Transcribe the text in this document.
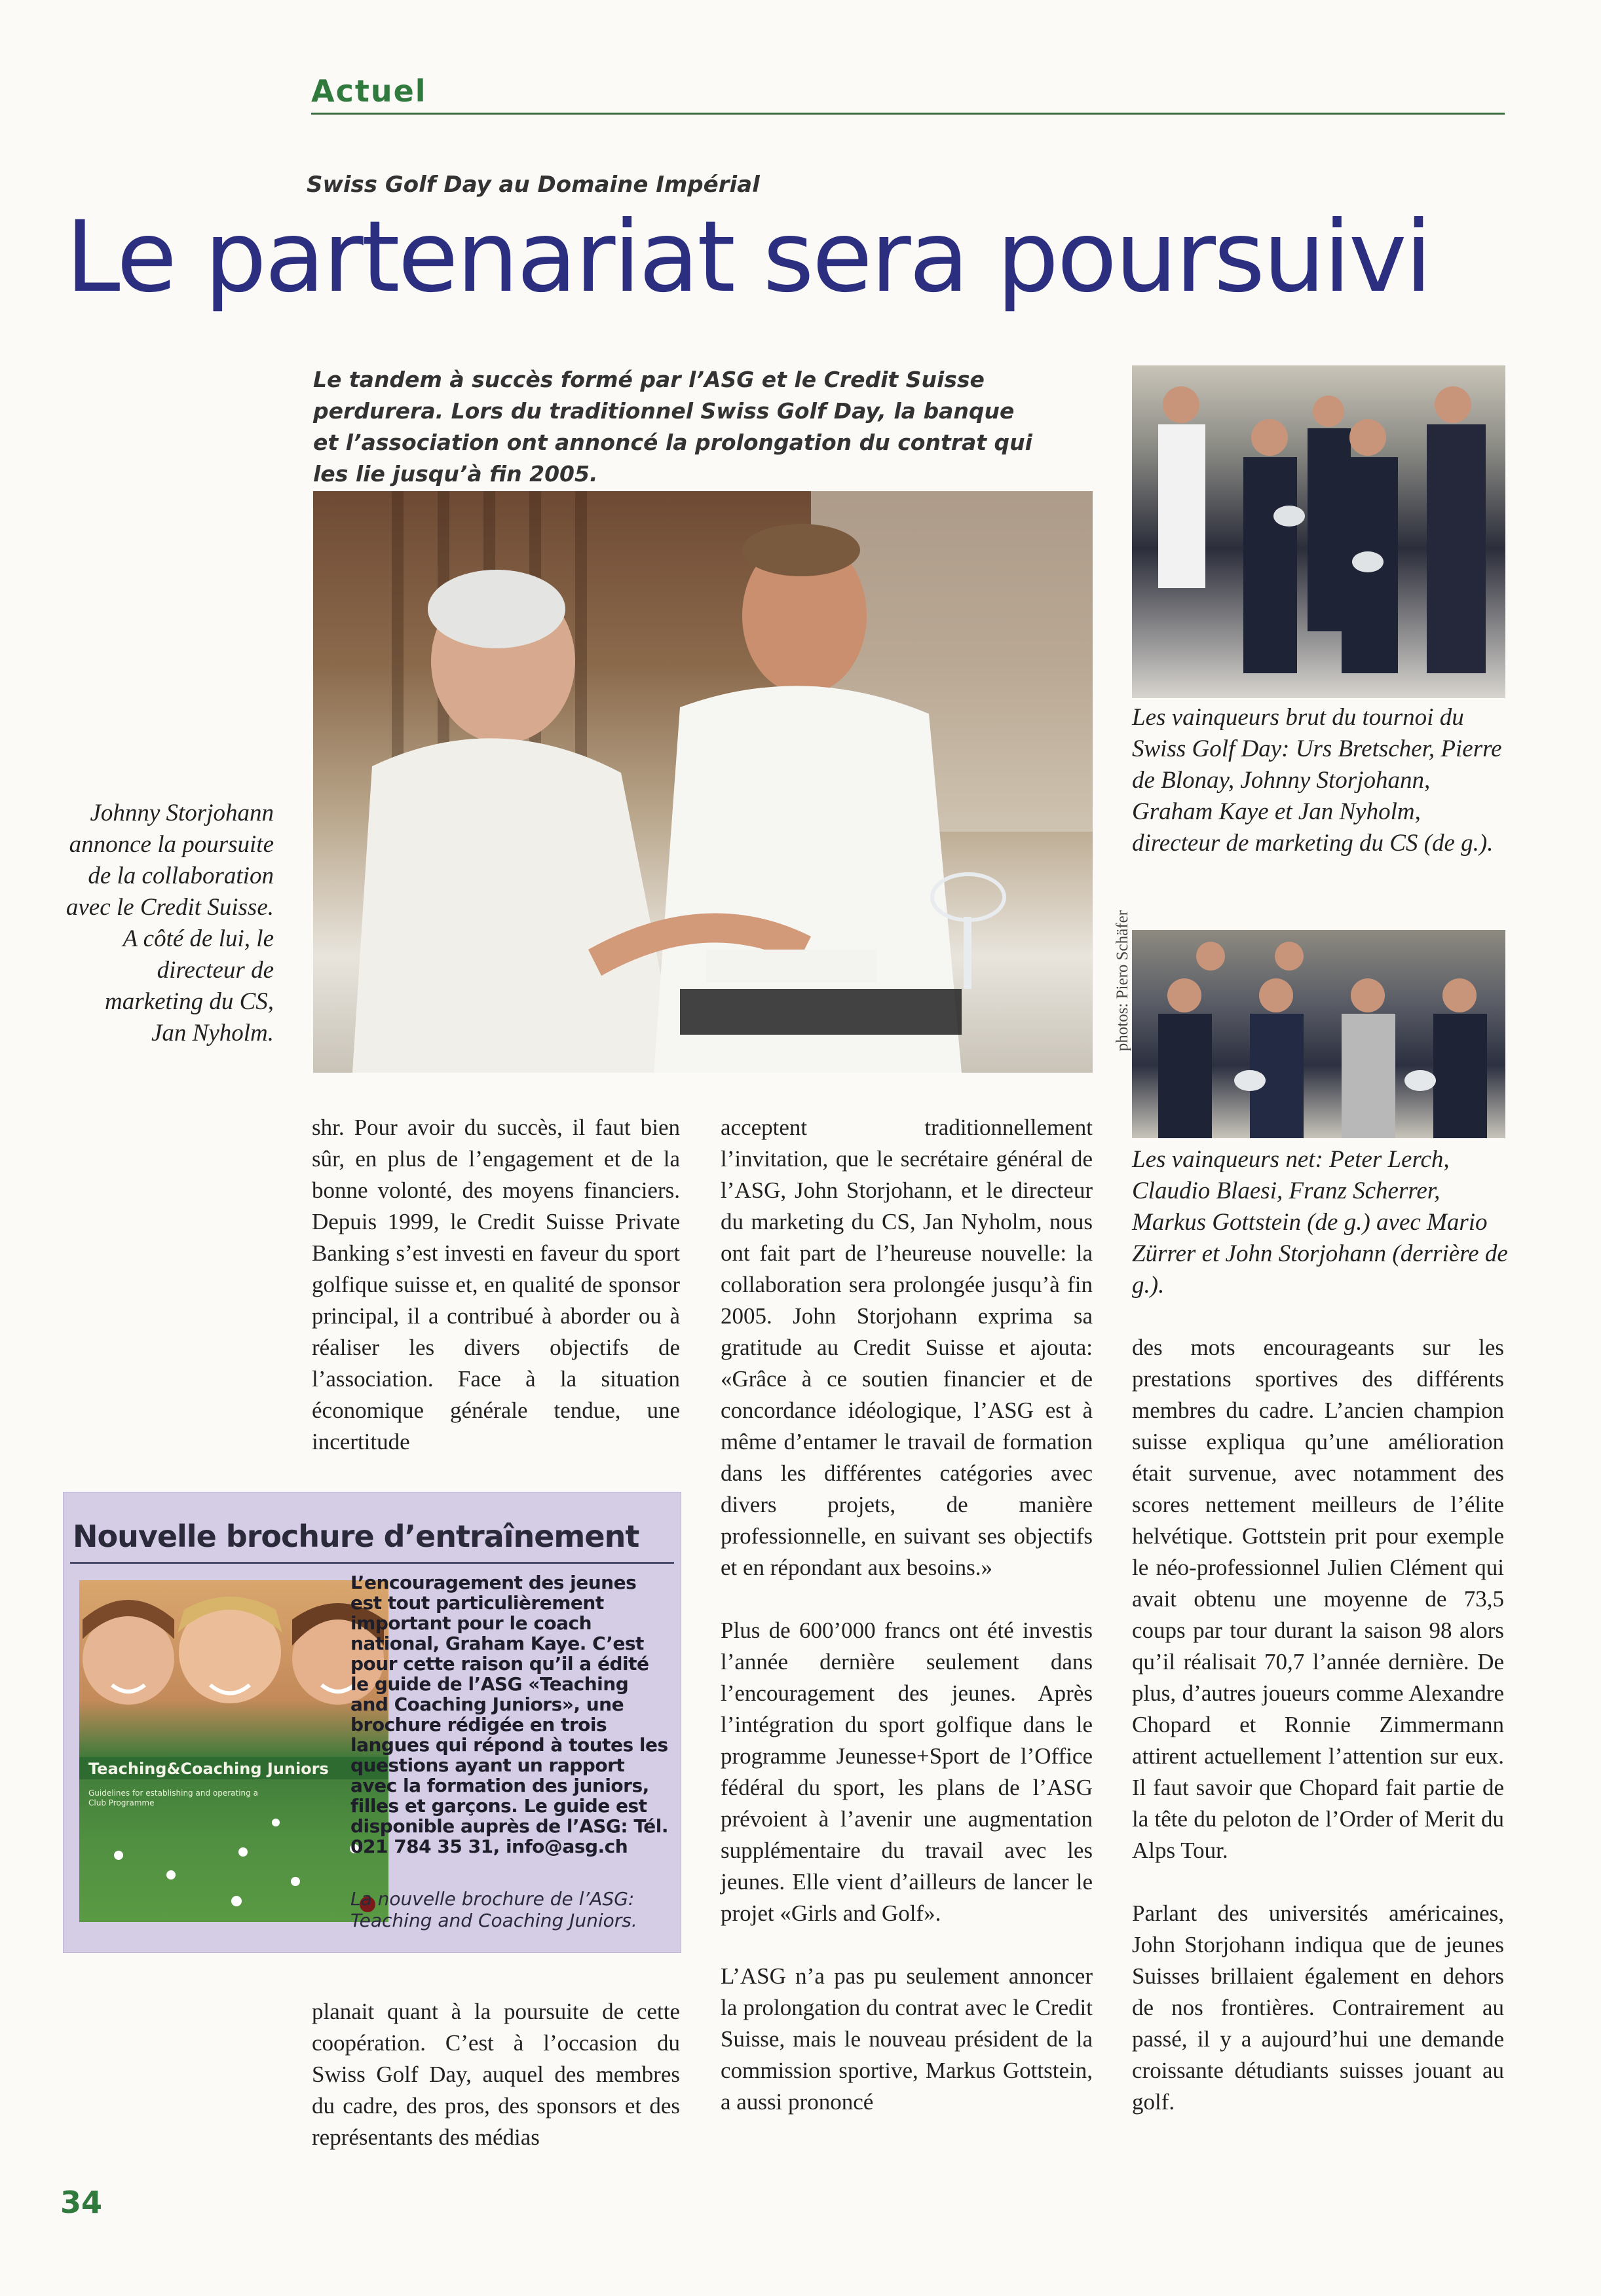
Actuel
Swiss Golf Day au Domaine Impérial
Le partenariat sera poursuivi
Le tandem à succès formé par l’ASG et le Credit Suisse perdurera. Lors du traditionnel Swiss Golf Day, la banque et l’association ont annoncé la prolongation du contrat qui les lie jusqu’à fin 2005.
Les vainqueurs brut du tournoi du Swiss Golf Day: Urs Bretscher, Pierre de Blonay, Johnny Storjohann, Graham Kaye et Jan Nyholm, directeur de marketing du CS (de g.).
photos: Piero Schäfer
Les vainqueurs net: Peter Lerch, Claudio Blaesi, Franz Scherrer, Markus Gottstein (de g.) avec Mario Zürrer et John Storjohann (derrière de g.).
Johnny Storjohann annonce la poursuite de la collaboration avec le Credit Suisse. A côté de lui, le directeur de marketing du CS, Jan Nyholm.

shr. Pour avoir du succès, il faut bien sûr, en plus de l’engagement et de la bonne volonté, des moyens financiers. Depuis 1999, le Credit Suisse Private Banking s’est investi en faveur du sport golfique suisse et, en qualité de sponsor principal, il a contribué à aborder ou à réaliser les divers objectifs de l’association. Face à la situation économique générale tendue, une incertitude

planait quant à la poursuite de cette coopération. C’est à l’occasion du Swiss Golf Day, auquel des membres du cadre, des pros, des sponsors et des représentants des médias

acceptent traditionnellement l’invitation, que le secrétaire général de l’ASG, John Storjohann, et le directeur du marketing du CS, Jan Nyholm, nous ont fait part de l’heureuse nouvelle: la collaboration sera prolongée jusqu’à fin 2005. John Storjohann exprima sa gratitude au Credit Suisse et ajouta: «Grâce à ce soutien financier et de concordance idéologique, l’ASG est à même d’entamer le travail de formation dans les différentes catégories avec divers projets, de manière professionnelle, en suivant ses objectifs et en répondant aux besoins.»

Plus de 600’000 francs ont été investis l’année dernière seulement dans l’encouragement des jeunes. Après l’intégration du sport golfique dans le programme Jeunesse+Sport de l’Office fédéral du sport, les plans de l’ASG prévoient à l’avenir une augmentation supplémentaire du travail avec les jeunes. Elle vient d’ailleurs de lancer le projet «Girls and Golf».

L’ASG n’a pas pu seulement annoncer la prolongation du contrat avec le Credit Suisse, mais le nouveau président de la commission sportive, Markus Gottstein, a aussi prononcé

des mots encourageants sur les prestations sportives des différents membres du cadre. L’ancien champion suisse expliqua qu’une amélioration était survenue, avec notamment des scores nettement meilleurs de l’élite helvétique. Gottstein prit pour exemple le néo-professionnel Julien Clément qui avait obtenu une moyenne de 73,5 coups par tour durant la saison 98 alors qu’il réalisait 70,7 l’année dernière. De plus, d’autres joueurs comme Alexandre Chopard et Ronnie Zimmermann attirent actuellement l’attention sur eux. Il faut savoir que Chopard fait partie de la tête du peloton de l’Order of Merit du Alps Tour.

Parlant des universités américaines, John Storjohann indiqua que de jeunes Suisses brillaient également en dehors de nos frontières. Contrairement au passé, il y a aujourd’hui une demande croissante détudiants suisses jouant au golf.

Nouvelle brochure d’entraînement
Teaching&Coaching Juniors
Guidelines for establishing and operating a Club Programme
L’encouragement des jeunes est tout particulièrement important pour le coach national, Graham Kaye. C’est pour cette raison qu’il a édité le guide de l’ASG «Teaching and Coaching Juniors», une brochure rédigée en trois langues qui répond à toutes les questions ayant un rapport avec la formation des juniors, filles et garçons. Le guide est disponible auprès de l’ASG: Tél. 021 784 35 31, info@asg.ch
La nouvelle brochure de l’ASG: Teaching and Coaching Juniors.
34
